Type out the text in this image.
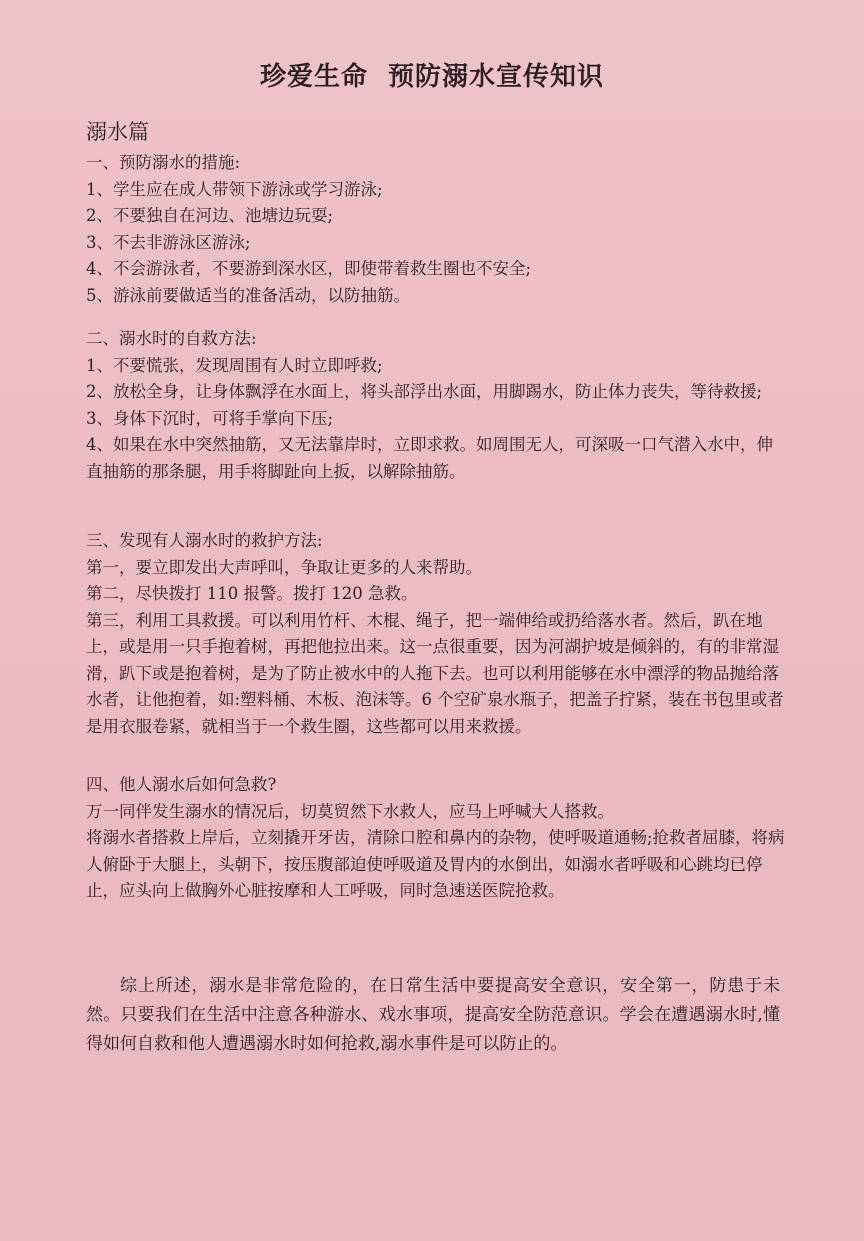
珍爱生命  预防溺水宣传知识
溺水篇

一、预防溺水的措施:

1、学生应在成人带领下游泳或学习游泳;

2、不要独自在河边、池塘边玩耍;

3、不去非游泳区游泳;

4、不会游泳者，不要游到深水区，即使带着救生圈也不安全;

5、游泳前要做适当的准备活动，以防抽筋。

二、溺水时的自救方法:

1、不要慌张，发现周围有人时立即呼救;

2、放松全身，让身体飘浮在水面上，将头部浮出水面，用脚踢水，防止体力丧失，等待救援;

3、身体下沉时，可将手掌向下压;

4、如果在水中突然抽筋，又无法靠岸时，立即求救。如周围无人，可深吸一口气潜入水中，伸直抽筋的那条腿，用手将脚趾向上扳，以解除抽筋。

三、发现有人溺水时的救护方法:

第一，要立即发出大声呼叫，争取让更多的人来帮助。

第二，尽快拨打 110 报警。拨打 120 急救。

第三，利用工具救援。可以利用竹杆、木棍、绳子，把一端伸给或扔给落水者。然后，趴在地上，或是用一只手抱着树，再把他拉出来。这一点很重要，因为河湖护坡是倾斜的，有的非常湿滑，趴下或是抱着树，是为了防止被水中的人拖下去。也可以利用能够在水中漂浮的物品抛给落水者，让他抱着，如:塑料桶、木板、泡沫等。6 个空矿泉水瓶子，把盖子拧紧，装在书包里或者是用衣服卷紧，就相当于一个救生圈，这些都可以用来救援。

四、他人溺水后如何急救?

万一同伴发生溺水的情况后，切莫贸然下水救人，应马上呼喊大人搭救。

将溺水者搭救上岸后，立刻撬开牙齿，清除口腔和鼻内的杂物，使呼吸道通畅;抢救者屈膝，将病人俯卧于大腿上，头朝下，按压腹部迫使呼吸道及胃内的水倒出，如溺水者呼吸和心跳均已停止，应头向上做胸外心脏按摩和人工呼吸，同时急速送医院抢救。

综上所述，溺水是非常危险的，在日常生活中要提高安全意识，安全第一，防患于未然。只要我们在生活中注意各种游水、戏水事项，提高安全防范意识。学会在遭遇溺水时,懂得如何自救和他人遭遇溺水时如何抢救,溺水事件是可以防止的。
